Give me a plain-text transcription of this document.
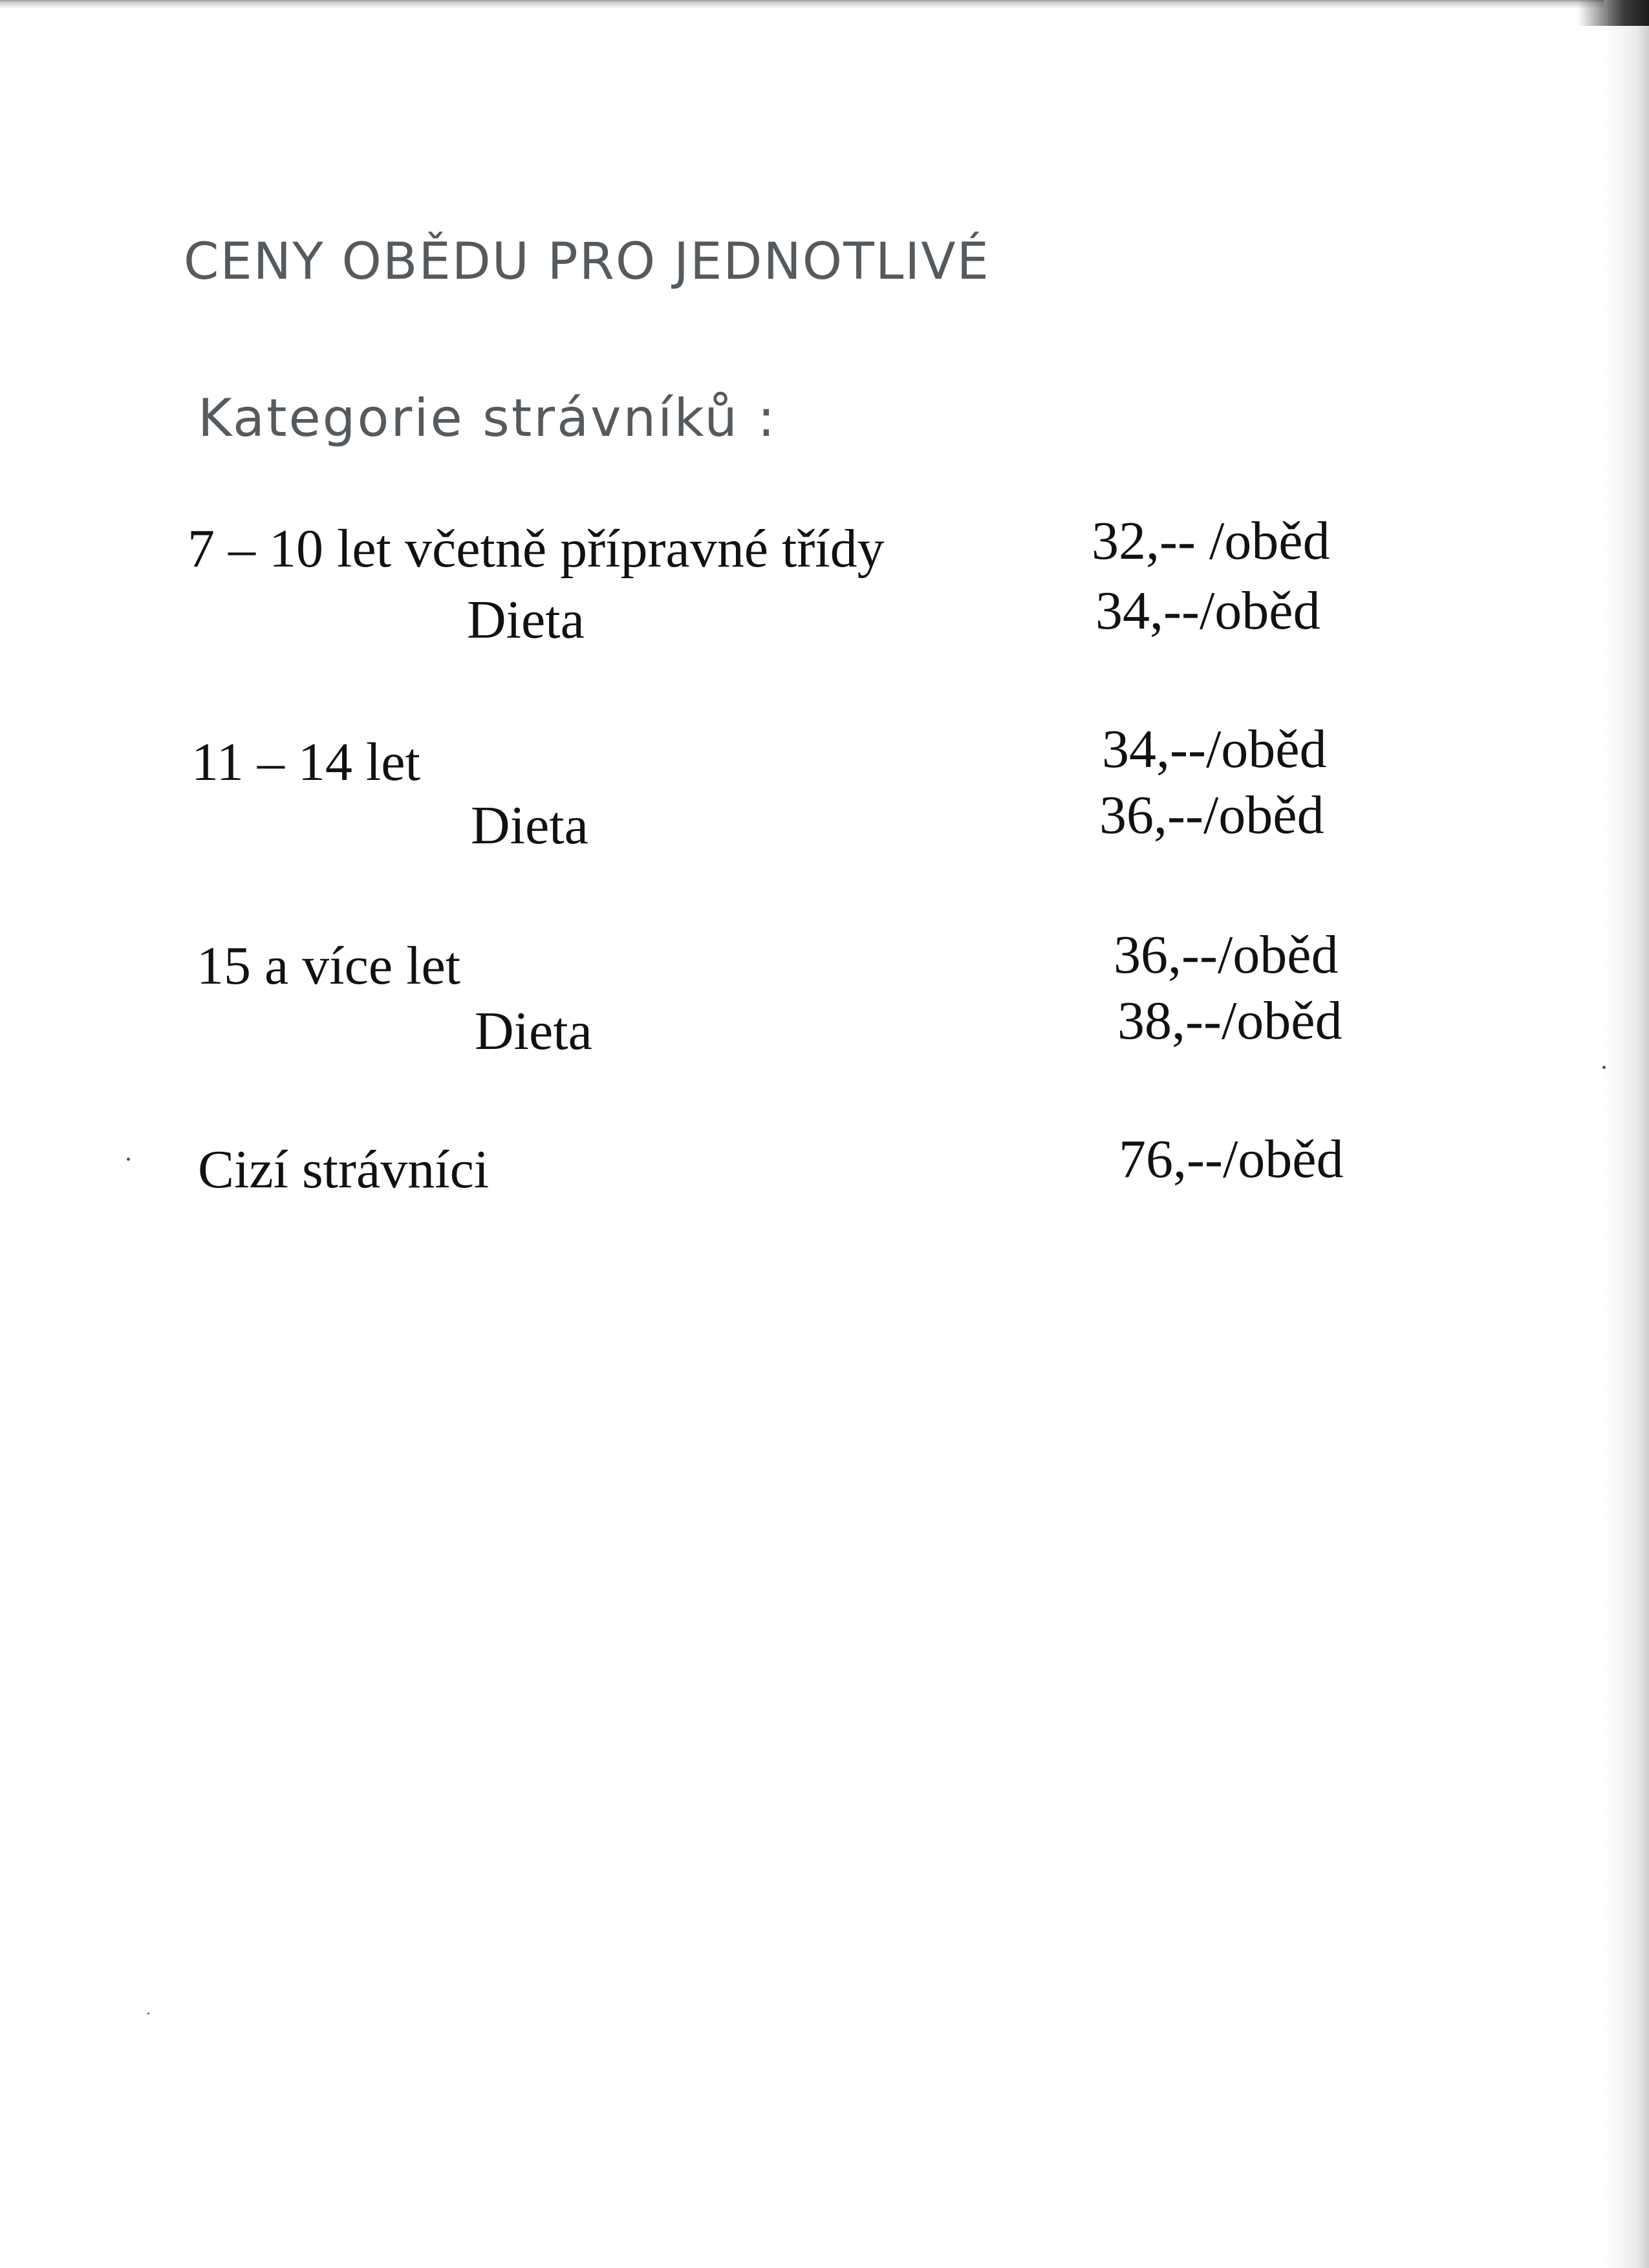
CENY OBĚDU PRO JEDNOTLIVÉ
Kategorie strávníků :
7 – 10 let včetně přípravné třídy	32,-- /oběd
Dieta	34,--/oběd
11 – 14 let	34,--/oběd
Dieta	36,--/oběd
15 a více let	36,--/oběd
Dieta	38,--/oběd
Cizí strávníci	76,--/oběd
